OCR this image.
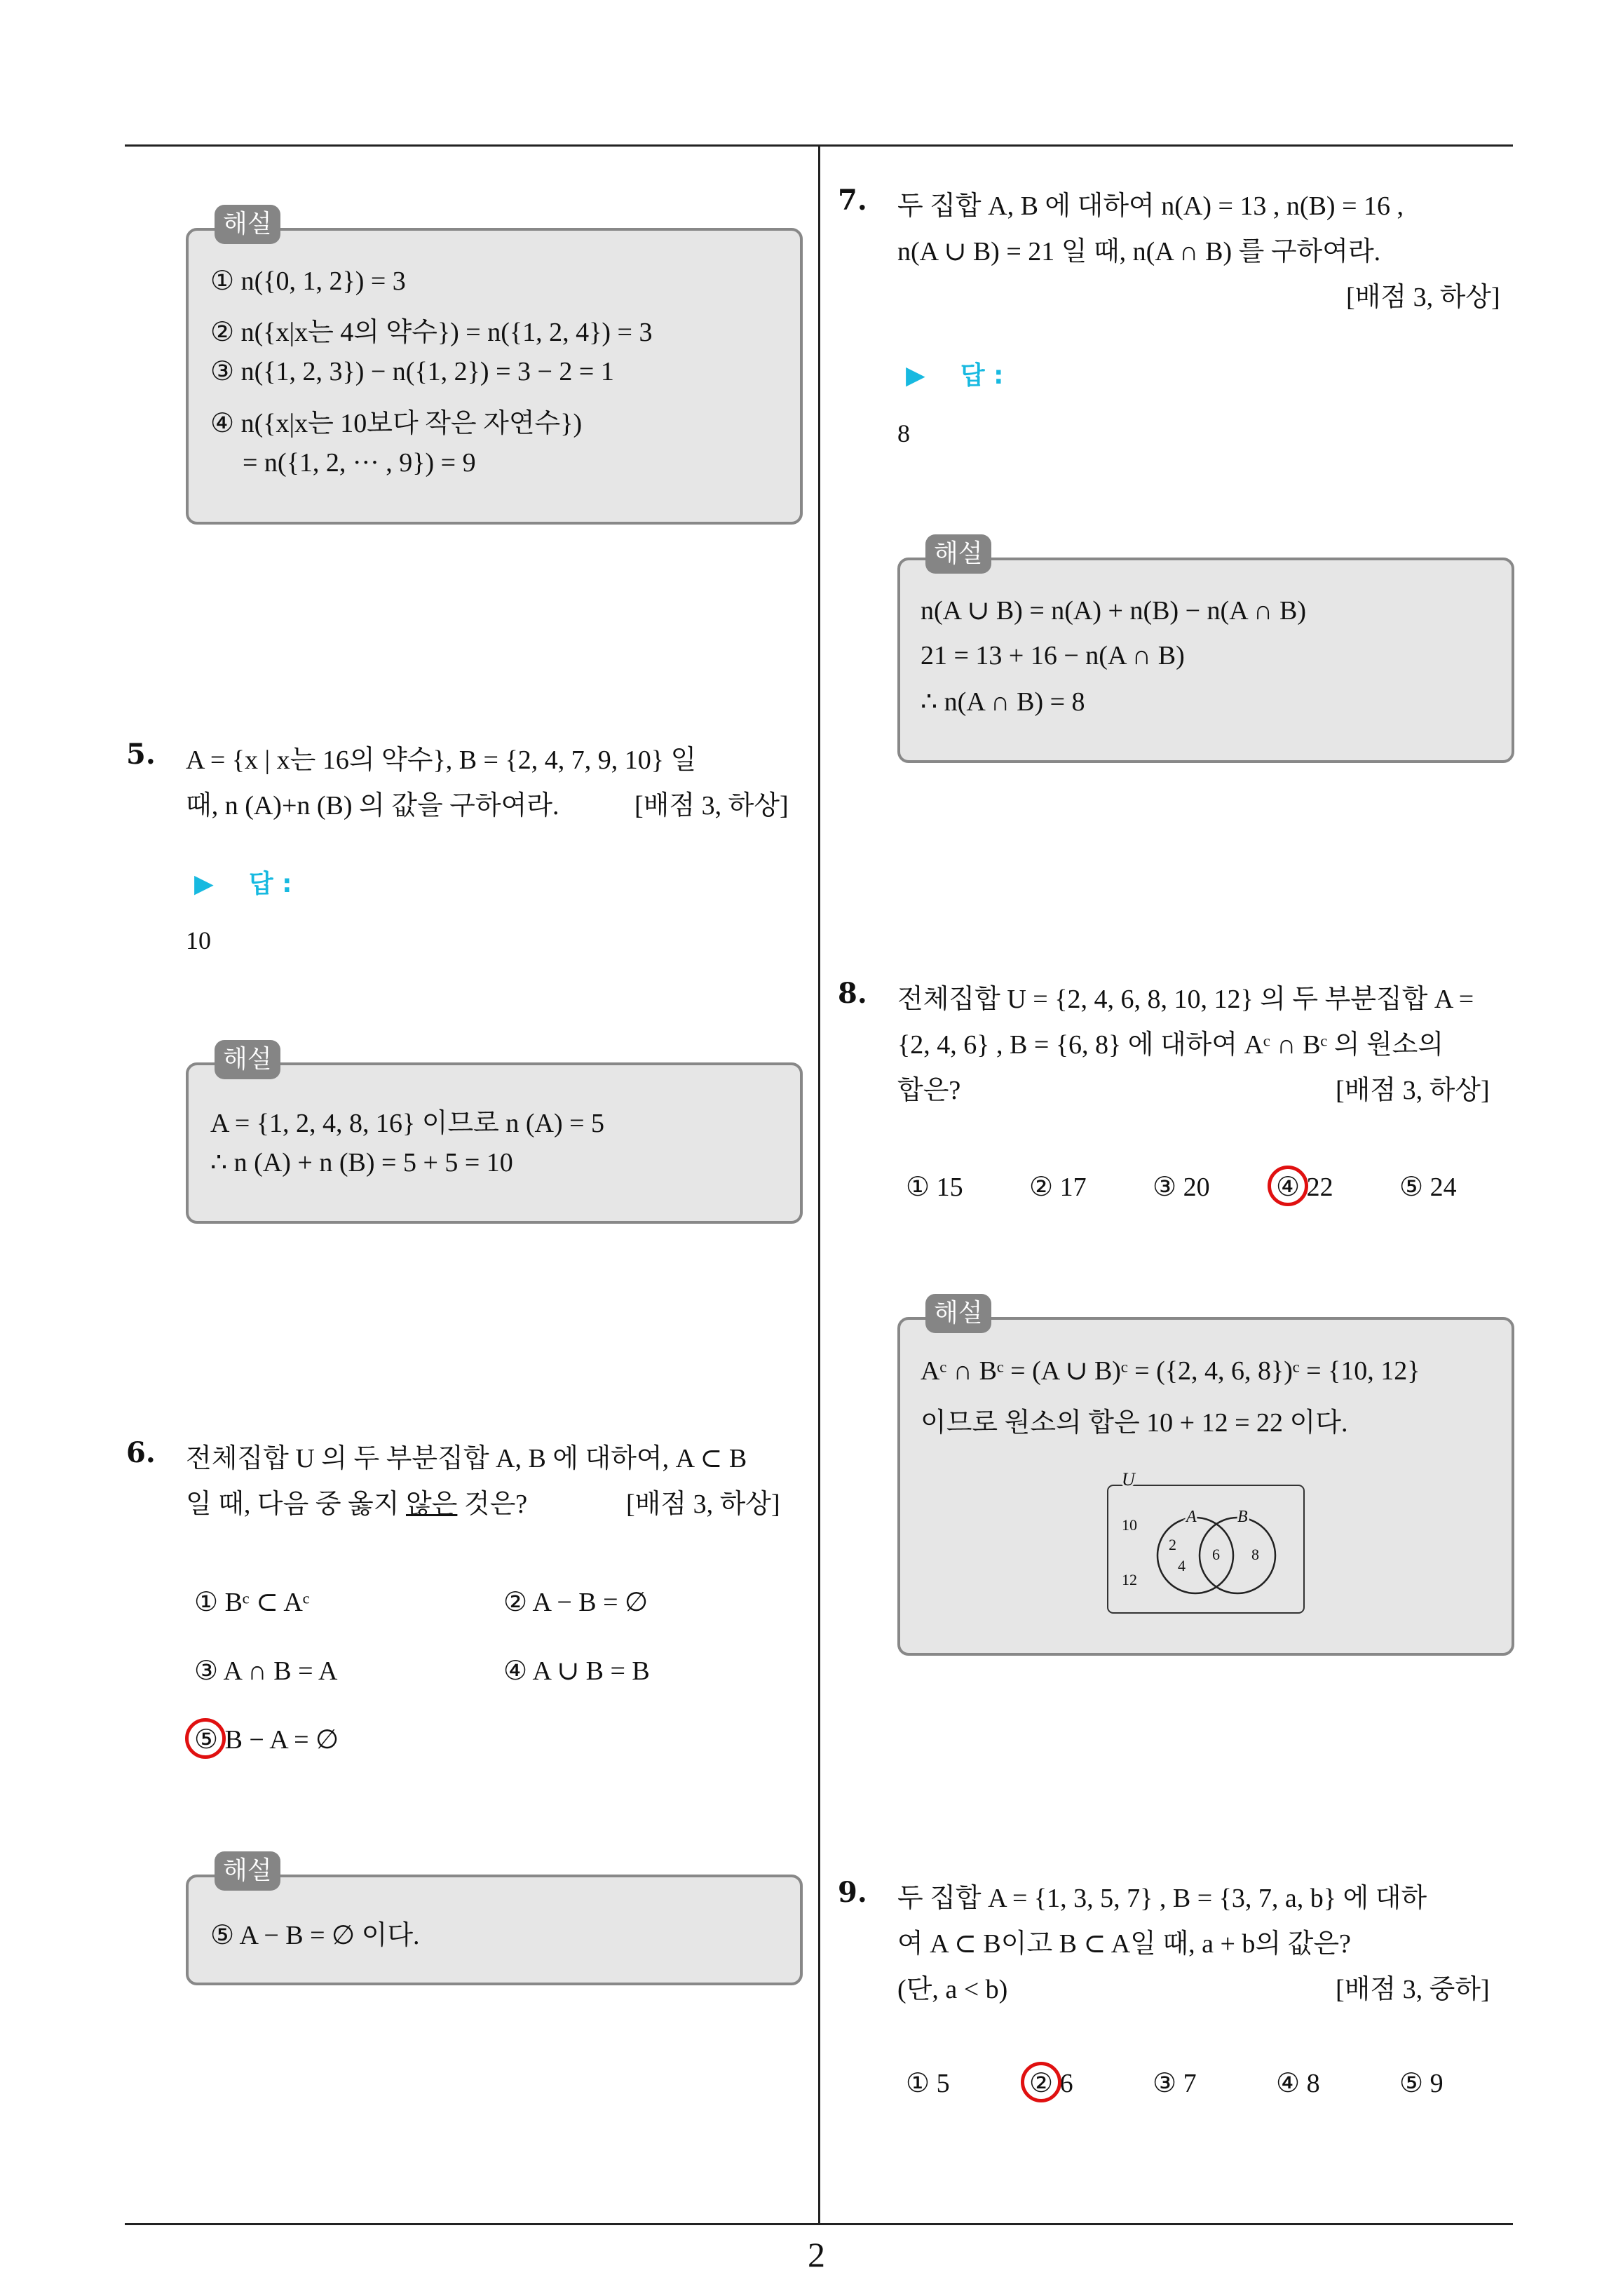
해설
① n({0, 1, 2}) = 3
② n({x|x는 4의 약수}) = n({1, 2, 4}) = 3
③ n({1, 2, 3}) − n({1, 2}) = 3 − 2 = 1
④ n({x|x는 10보다 작은 자연수})
= n({1, 2, ··· , 9}) = 9
5. A = {x | x는 16의 약수}, B = {2, 4, 7, 9, 10} 일
때, n (A)+n (B) 의 값을 구하여라.	[배점 3, 하상]
▶ 답 :
10
해설
A = {1, 2, 4, 8, 16} 이므로 n (A) = 5
∴ n (A) + n (B) = 5 + 5 = 10
6. 전체집합 U 의 두 부분집합 A, B 에 대하여, A ⊂ B
일 때, 다음 중 옳지 않은 것은?	[배점 3, 하상]
① Bᶜ ⊂ Aᶜ	② A − B = ∅
③ A ∩ B = A	④ A ∪ B = B
⑤ B − A = ∅
해설
⑤ A − B = ∅ 이다.
7. 두 집합 A, B 에 대하여 n(A) = 13 , n(B) = 16 ,
n(A ∪ B) = 21 일 때, n(A ∩ B) 를 구하여라.
[배점 3, 하상]
▶ 답 :
8
해설
n(A ∪ B) = n(A) + n(B) − n(A ∩ B)
21 = 13 + 16 − n(A ∩ B)
∴ n(A ∩ B) = 8
8. 전체집합 U = {2, 4, 6, 8, 10, 12} 의 두 부분집합 A =
{2, 4, 6} , B = {6, 8} 에 대하여 Aᶜ ∩ Bᶜ 의 원소의
합은?	[배점 3, 하상]
① 15 ② 17 ③ 20 ④ 22 ⑤ 24
해설
Aᶜ ∩ Bᶜ = (A ∪ B)ᶜ = ({2, 4, 6, 8})ᶜ = {10, 12}
이므로 원소의 합은 10 + 12 = 22 이다.
U
A B
10
12
2
4
6 8
9. 두 집합 A = {1, 3, 5, 7} , B = {3, 7, a, b} 에 대하
여 A ⊂ B이고 B ⊂ A일 때, a + b의 값은?
(단, a < b)	[배점 3, 중하]
① 5	② 6	③ 7	④ 8	⑤ 9
2
